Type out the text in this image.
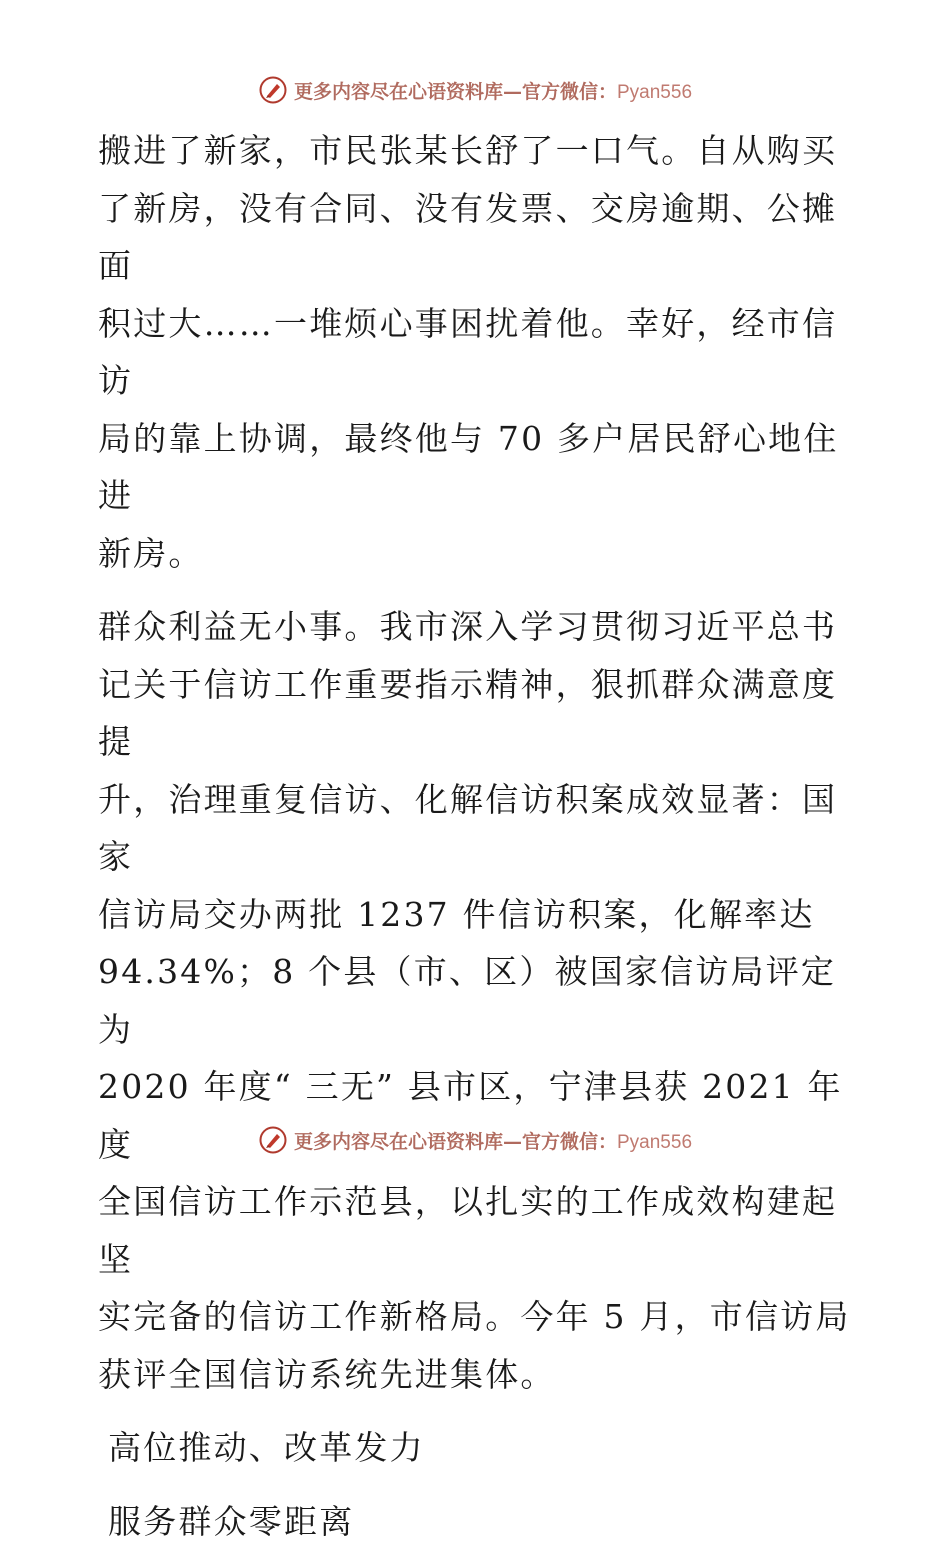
更多内容尽在心语资料库—官方微信：Pyan556

搬进了新家，市民张某长舒了一口气。自从购买
了新房，没有合同、没有发票、交房逾期、公摊面
积过大……一堆烦心事困扰着他。幸好，经市信访
局的靠上协调，最终他与 70 多户居民舒心地住进
新房。

群众利益无小事。我市深入学习贯彻习近平总书
记关于信访工作重要指示精神，狠抓群众满意度提
升，治理重复信访、化解信访积案成效显著：国家
信访局交办两批 1237 件信访积案，化解率达
94.34%；8 个县（市、区）被国家信访局评定为
2020 年度“ 三无” 县市区，宁津县获 2021 年度
全国信访工作示范县，以扎实的工作成效构建起坚
实完备的信访工作新格局。今年 5 月，市信访局
获评全国信访系统先进集体。

高位推动、改革发力

服务群众零距离

更多内容尽在心语资料库—官方微信：Pyan556
